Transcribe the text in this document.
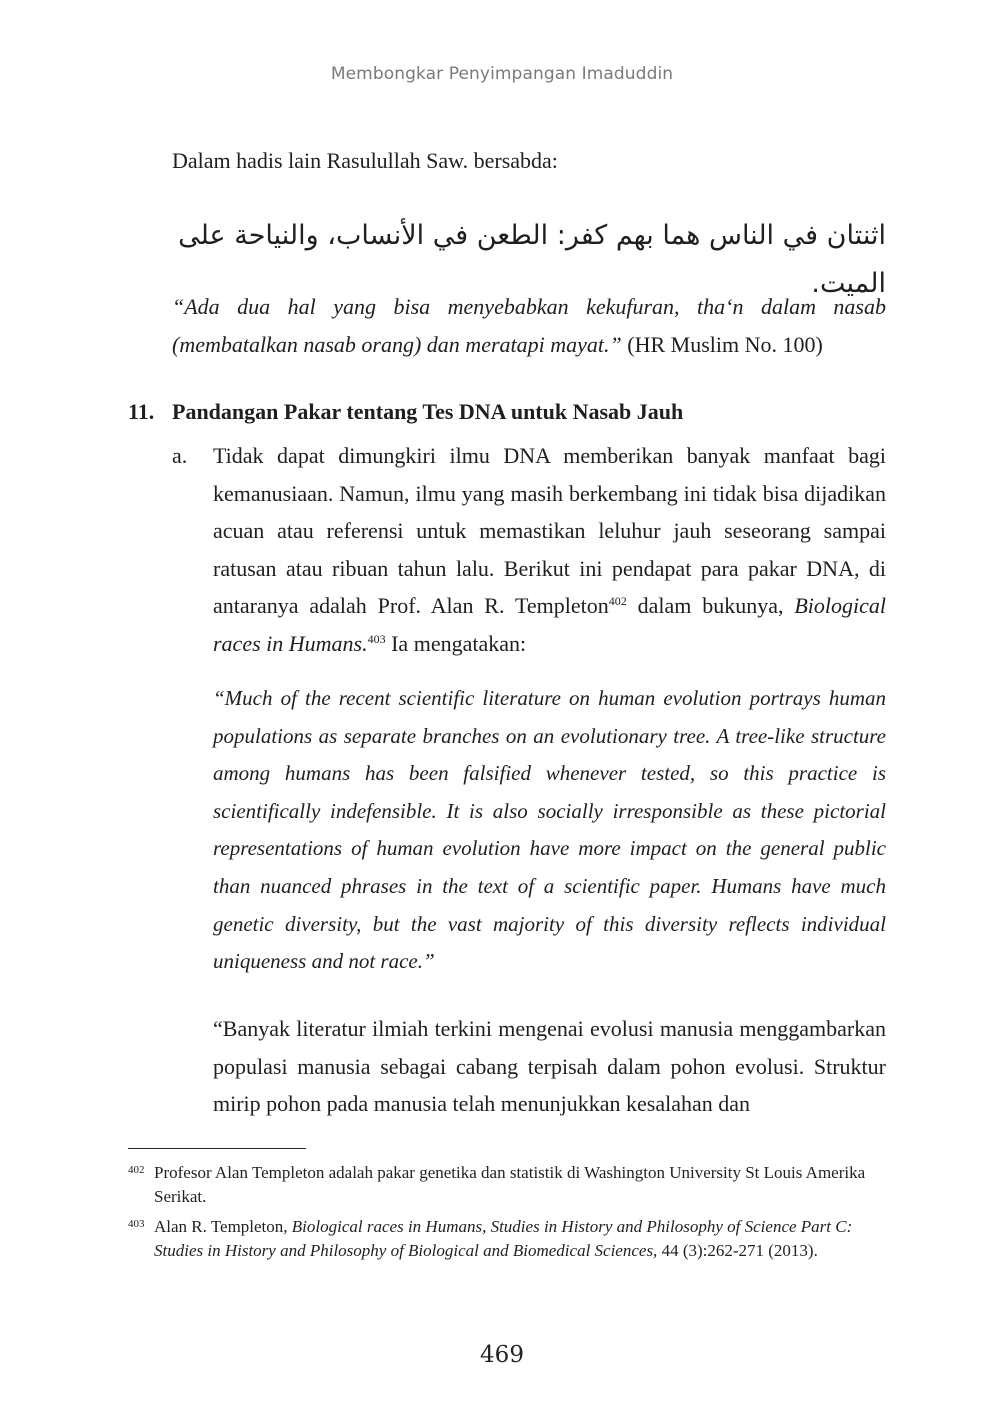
Membongkar Penyimpangan Imaduddin
Dalam hadis lain Rasulullah Saw. bersabda:
اثنتان في الناس هما بهم كفر: الطعن في الأنساب، والنياحة على الميت.
“Ada dua hal yang bisa menyebabkan kekufuran, tha‘n dalam nasab (membatalkan nasab orang) dan meratapi mayat.” (HR Muslim No. 100)
11. Pandangan Pakar tentang Tes DNA untuk Nasab Jauh
a.	Tidak dapat dimungkiri ilmu DNA memberikan banyak manfaat bagi kemanusiaan. Namun, ilmu yang masih berkembang ini tidak bisa dijadikan acuan atau referensi untuk memastikan leluhur jauh seseorang sampai ratusan atau ribuan tahun lalu. Berikut ini pendapat para pakar DNA, di antaranya adalah Prof. Alan R. Templeton$^{402}$ dalam bukunya, Biological races in Humans.$^{403}$ Ia mengatakan:
“Much of the recent scientific literature on human evolution portrays human populations as separate branches on an evolutionary tree. A tree-like structure among humans has been falsified whenever tested, so this practice is scientifically indefensible. It is also socially irresponsible as these pictorial representations of human evolution have more impact on the general public than nuanced phrases in the text of a scientific paper. Humans have much genetic diversity, but the vast majority of this diversity reflects individual uniqueness and not race.”
“Banyak literatur ilmiah terkini mengenai evolusi manusia menggambarkan populasi manusia sebagai cabang terpisah dalam pohon evolusi. Struktur mirip pohon pada manusia telah menunjukkan kesalahan dan
402 Profesor Alan Templeton adalah pakar genetika dan statistik di Washington University St Louis Amerika Serikat.
403 Alan R. Templeton, Biological races in Humans, Studies in History and Philosophy of Science Part C: Studies in History and Philosophy of Biological and Biomedical Sciences, 44 (3):262-271 (2013).
469
